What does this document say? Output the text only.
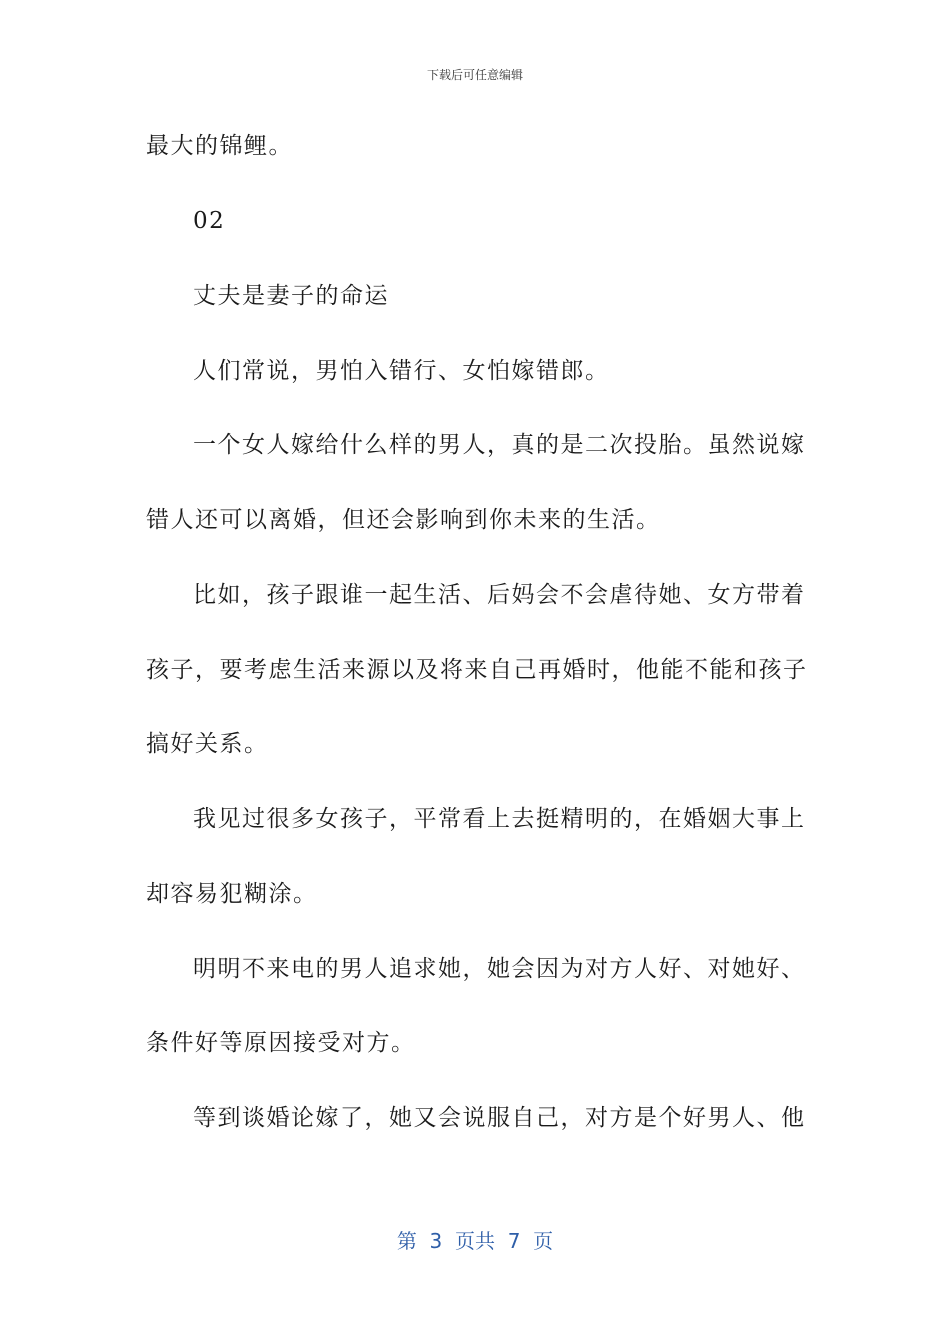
下载后可任意编辑
最大的锦鲤。
02
丈夫是妻子的命运
人们常说，男怕入错行、女怕嫁错郎。
一个女人嫁给什么样的男人，真的是二次投胎。虽然说嫁
错人还可以离婚，但还会影响到你未来的生活。
比如，孩子跟谁一起生活、后妈会不会虐待她、女方带着
孩子，要考虑生活来源以及将来自己再婚时，他能不能和孩子
搞好关系。
我见过很多女孩子，平常看上去挺精明的，在婚姻大事上
却容易犯糊涂。
明明不来电的男人追求她，她会因为对方人好、对她好、
条件好等原因接受对方。
等到谈婚论嫁了，她又会说服自己，对方是个好男人、他
第  3  页共  7  页
